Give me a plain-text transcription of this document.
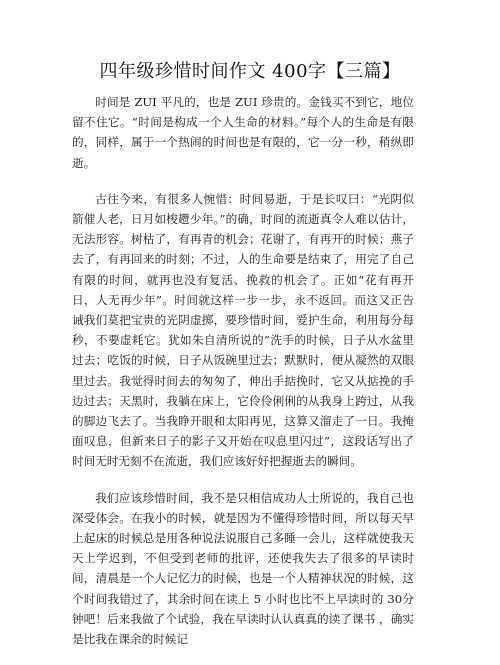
四年级珍惜时间作文 400字【三篇】

时间是 ZUI 平凡的，也是 ZUI 珍贵的。金钱买不到它，地位留不住它。“时间是构成一个人生命的材料。”每个人的生命是有限的，同样，属于一个热闹的时间也是有限的，它一分一秒，稍纵即逝。

古往今来，有很多人惋惜：时间易逝，于是长叹曰：“光阴似箭催人老，日月如梭趱少年。”的确，时间的流逝真令人难以估计，无法形容。树枯了，有再青的机会；花谢了，有再开的时候；燕子去了，有再回来的时刻；不过，人的生命要是结束了，用完了自己有限的时间，就再也没有复活、挽救的机会了。正如“花有再开日，人无再少年”。时间就这样一步一步，永不返回。而这又正告诫我们莫把宝贵的光阴虚掷，要珍惜时间，爱护生命，利用每分每秒，不要虚耗它。犹如朱自清所说的“洗手的时候，日子从水盆里过去；吃饭的时候，日子从饭碗里过去；默默时，便从凝然的双眼里过去。我觉得时间去的匆匆了，伸出手掂挽时，它又从掂挽的手边过去；天黑时，我躺在床上，它伶伶俐俐的从我身上跨过，从我的脚边飞去了。当我睁开眼和太阳再见，这算又溜走了一日。我掩面叹息，但新来日子的影子又开始在叹息里闪过”，这段话写出了时间无时无刻不在流逝，我们应该好好把握逝去的瞬间。

我们应该珍惜时间，我不是只相信成功人士所说的，我自己也深受体会。在我小的时候，就是因为不懂得珍惜时间，所以每天早上起床的时候总是用各种说法说服自己多睡一会儿，这样就使我天天上学迟到，不但受到老师的批评，还使我失去了很多的早读时间，清晨是一个人记忆力的时候，也是一个人精神状况的时候，这个时间我错过了，其余时间在读上 5 小时也比不上早读时的 30分钟吧！后来我做了个试验，我在早读时认认真真的读了课书 ，确实是比我在课余的时候记
